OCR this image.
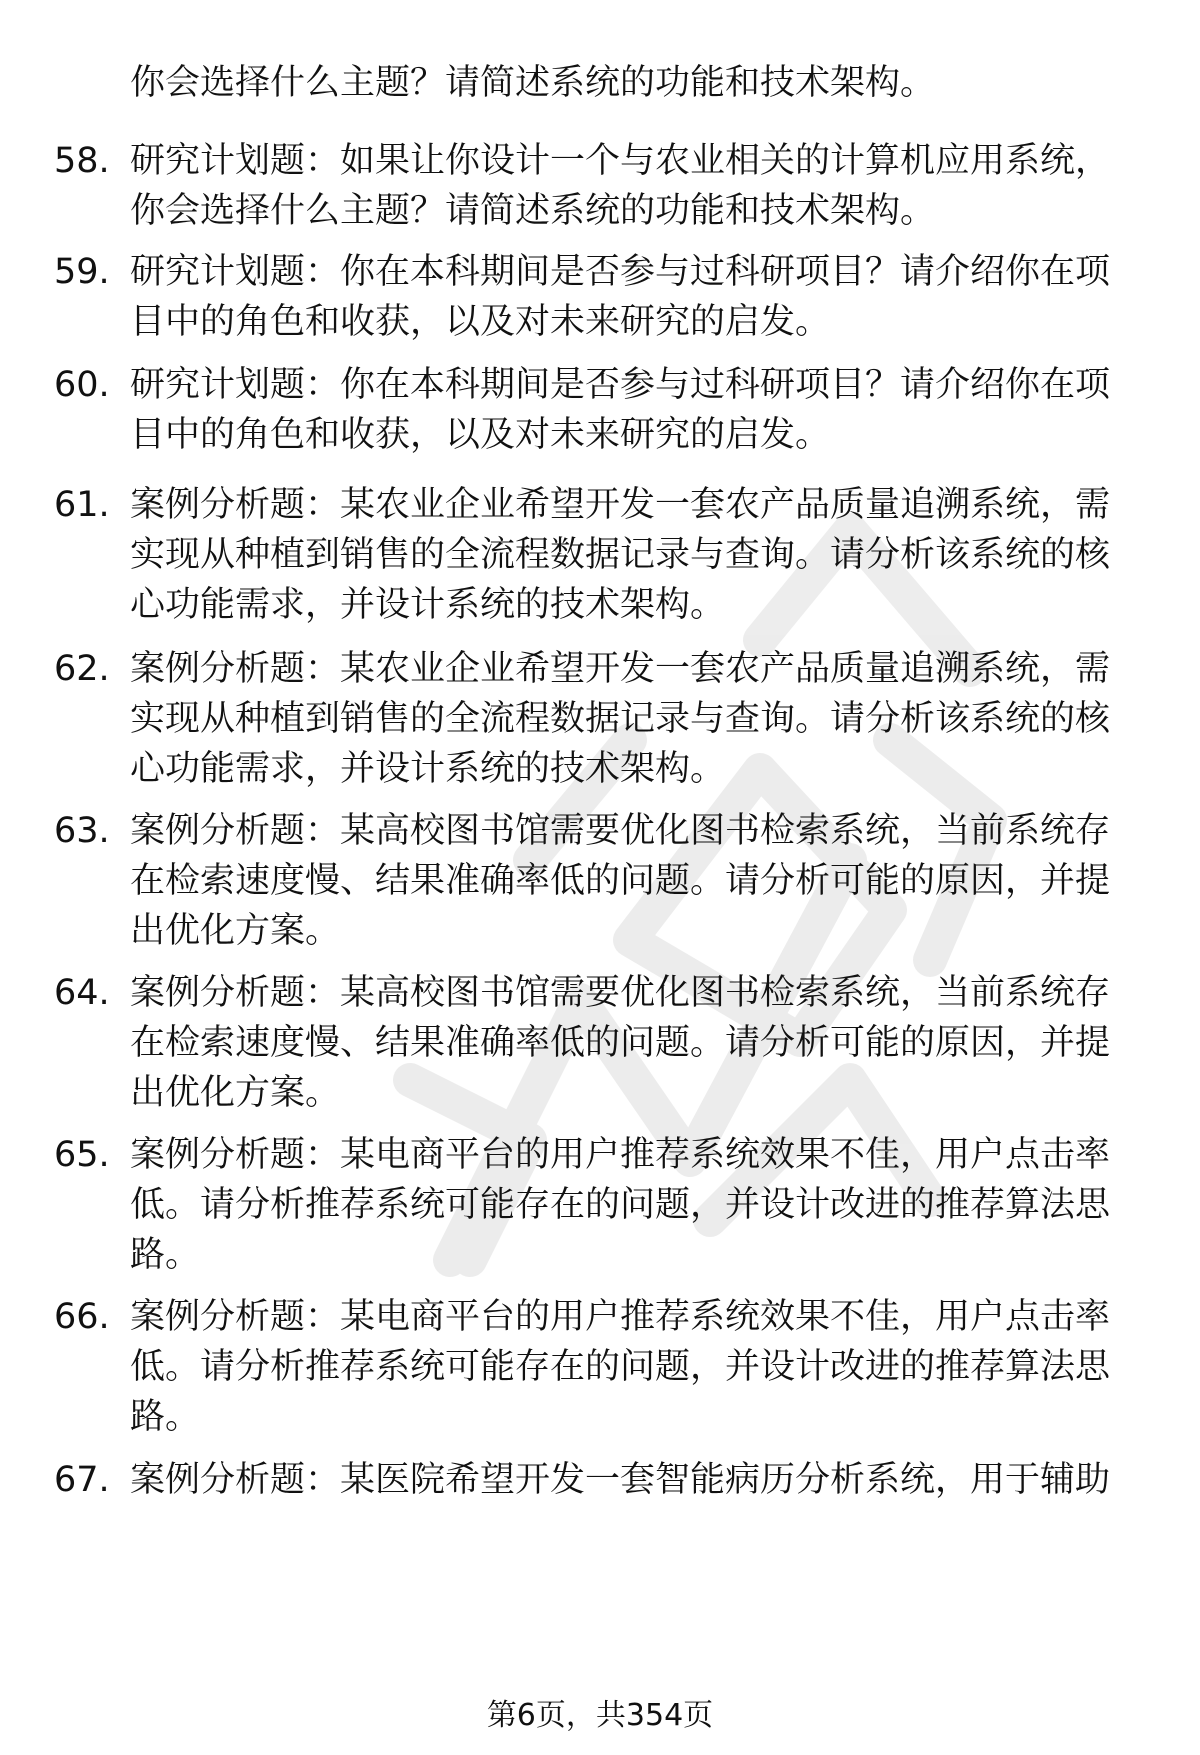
你会选择什么主题？请简述系统的功能和技术架构。
58. 研究计划题：如果让你设计一个与农业相关的计算机应用系统，
你会选择什么主题？请简述系统的功能和技术架构。
59. 研究计划题：你在本科期间是否参与过科研项目？请介绍你在项
目中的角色和收获，以及对未来研究的启发。
60. 研究计划题：你在本科期间是否参与过科研项目？请介绍你在项
目中的角色和收获，以及对未来研究的启发。
61. 案例分析题：某农业企业希望开发一套农产品质量追溯系统，需
实现从种植到销售的全流程数据记录与查询。请分析该系统的核
心功能需求，并设计系统的技术架构。
62. 案例分析题：某农业企业希望开发一套农产品质量追溯系统，需
实现从种植到销售的全流程数据记录与查询。请分析该系统的核
心功能需求，并设计系统的技术架构。
63. 案例分析题：某高校图书馆需要优化图书检索系统，当前系统存
在检索速度慢、结果准确率低的问题。请分析可能的原因，并提
出优化方案。
64. 案例分析题：某高校图书馆需要优化图书检索系统，当前系统存
在检索速度慢、结果准确率低的问题。请分析可能的原因，并提
出优化方案。
65. 案例分析题：某电商平台的用户推荐系统效果不佳，用户点击率
低。请分析推荐系统可能存在的问题，并设计改进的推荐算法思
路。
66. 案例分析题：某电商平台的用户推荐系统效果不佳，用户点击率
低。请分析推荐系统可能存在的问题，并设计改进的推荐算法思
路。
67. 案例分析题：某医院希望开发一套智能病历分析系统，用于辅助
第6页，共354页
